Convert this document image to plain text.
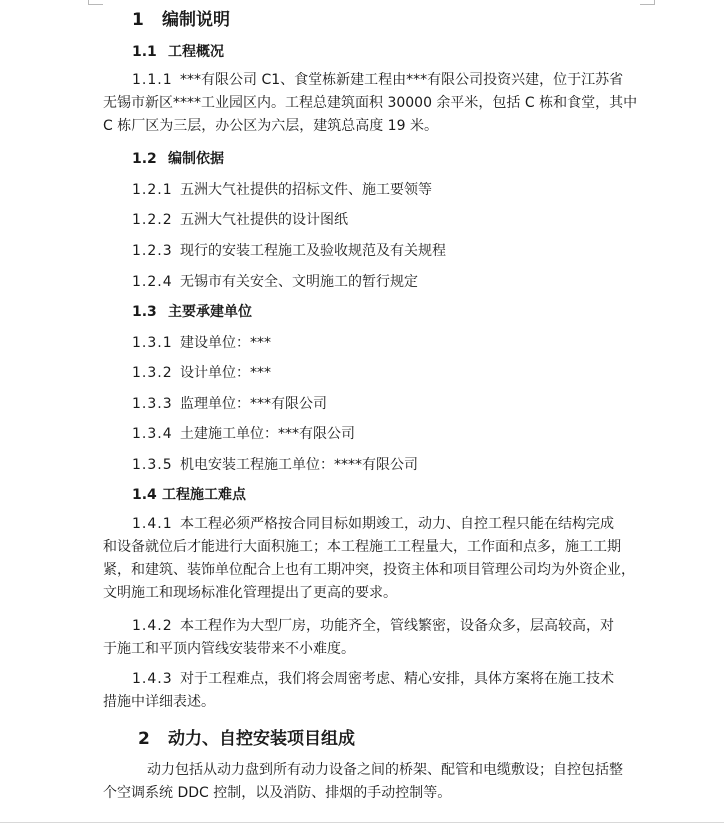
1 编制说明
1.1 工程概况
1.1.1 ***有限公司 C1、食堂栋新建工程由***有限公司投资兴建，位于江苏省
无锡市新区****工业园区内。工程总建筑面积 30000 余平米，包括 C 栋和食堂，其中
C 栋厂区为三层，办公区为六层，建筑总高度 19 米。
1.2 编制依据
1.2.1 五洲大气社提供的招标文件、施工要领等
1.2.2 五洲大气社提供的设计图纸
1.2.3 现行的安装工程施工及验收规范及有关规程
1.2.4 无锡市有关安全、文明施工的暂行规定
1.3 主要承建单位
1.3.1 建设单位：***
1.3.2 设计单位：***
1.3.3 监理单位：***有限公司
1.3.4 土建施工单位：***有限公司
1.3.5 机电安装工程施工单位：****有限公司
1.4 工程施工难点
1.4.1 本工程必须严格按合同目标如期竣工，动力、自控工程只能在结构完成
和设备就位后才能进行大面积施工；本工程施工工程量大，工作面和点多，施工工期
紧，和建筑、装饰单位配合上也有工期冲突，投资主体和项目管理公司均为外资企业，
文明施工和现场标准化管理提出了更高的要求。
1.4.2 本工程作为大型厂房，功能齐全，管线繁密，设备众多，层高较高，对
于施工和平顶内管线安装带来不小难度。
1.4.3 对于工程难点，我们将会周密考虑、精心安排，具体方案将在施工技术
措施中详细表述。
2 动力、自控安装项目组成
动力包括从动力盘到所有动力设备之间的桥架、配管和电缆敷设；自控包括整
个空调系统 DDC 控制，以及消防、排烟的手动控制等。
